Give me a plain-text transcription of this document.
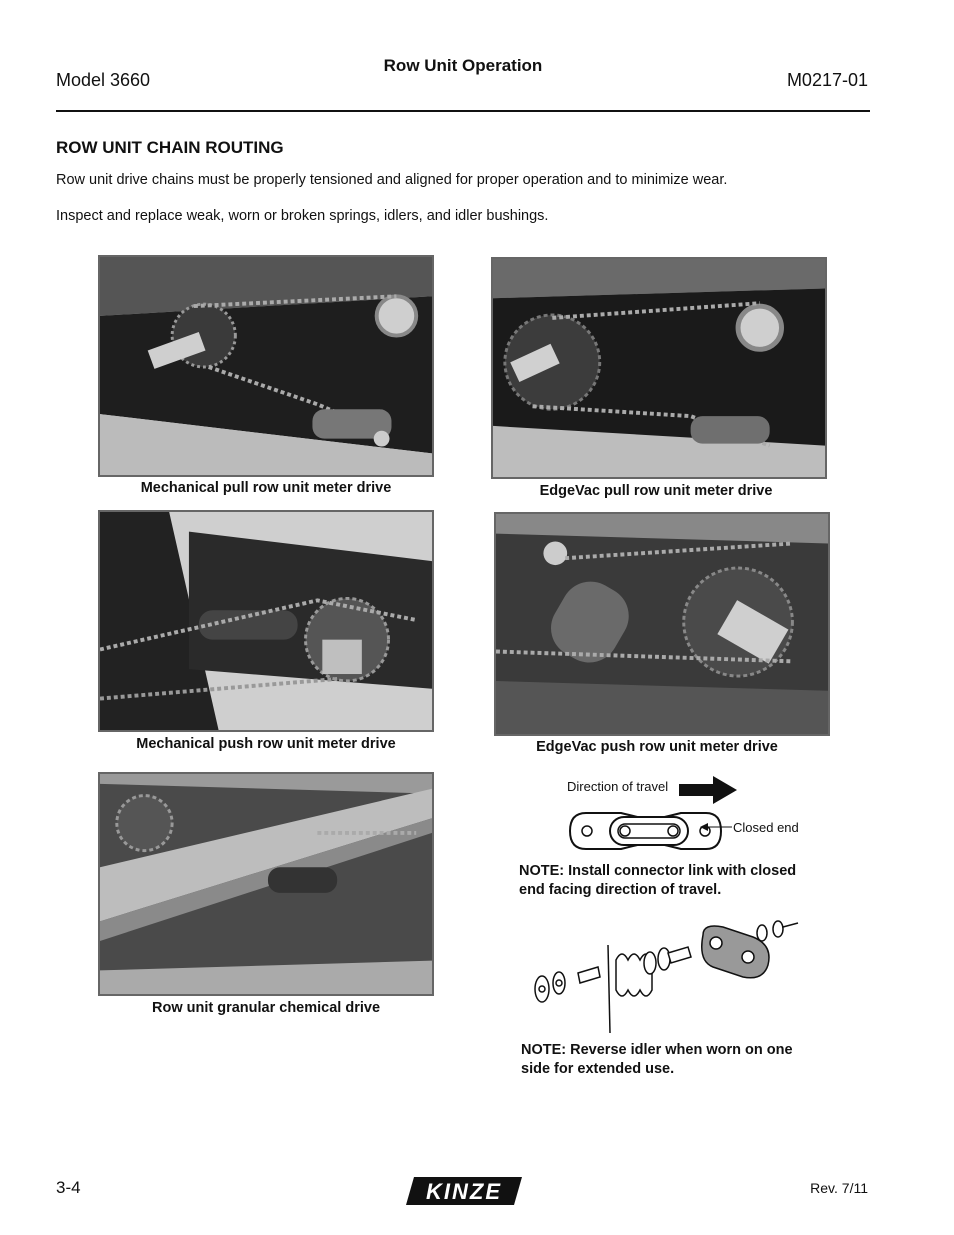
Row Unit Operation
Model 3660	M0217-01
ROW UNIT CHAIN ROUTING
Row unit drive chains must be properly tensioned and aligned for proper operation and to minimize wear.
Inspect and replace weak, worn or broken springs, idlers, and idler bushings.
Mechanical pull row unit meter drive	EdgeVac pull row unit meter drive
Mechanical push row unit meter drive	EdgeVac push row unit meter drive
Row unit granular chemical drive
Direction of travel
Closed end
NOTE: Install connector link with closed end facing direction of travel.
NOTE: Reverse idler when worn on one side for extended use.
3-4	KINZE	Rev. 7/11
